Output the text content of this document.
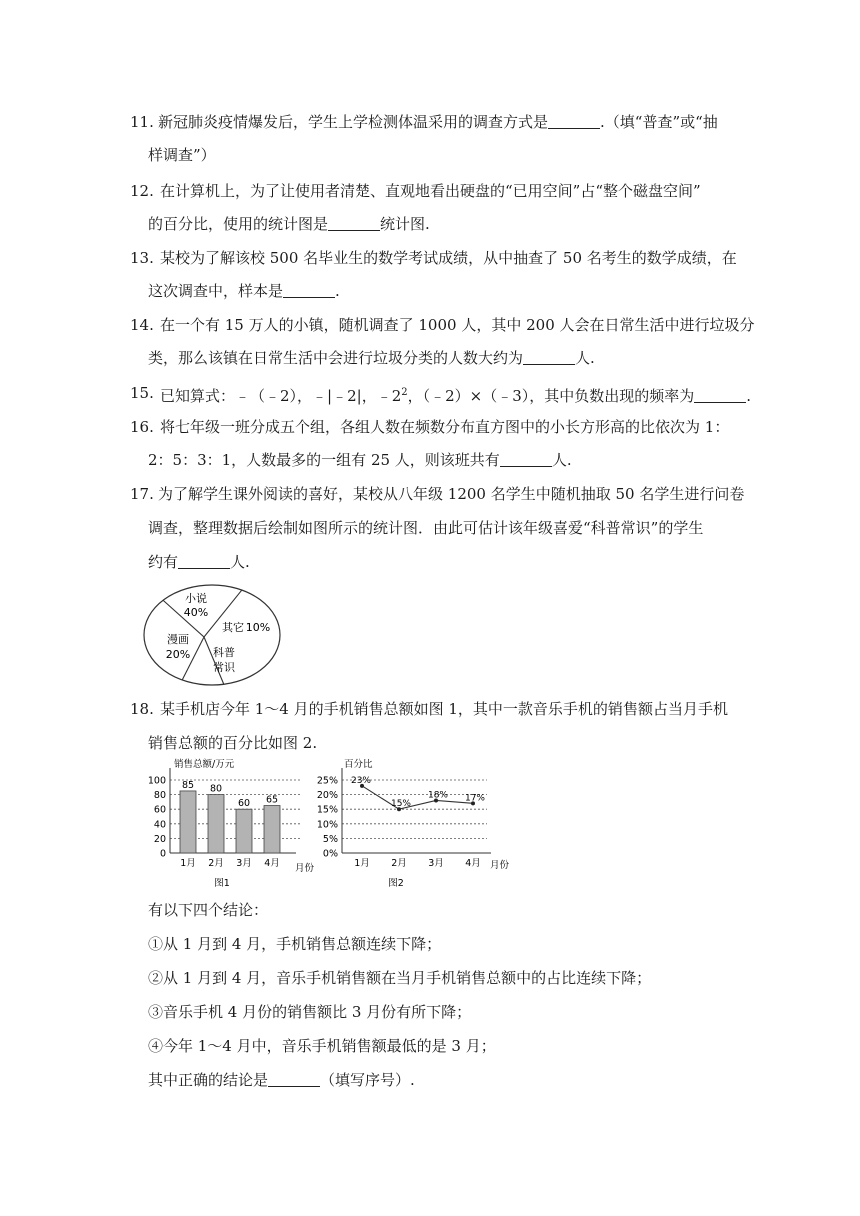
11. 新冠肺炎疫情爆发后，学生上学检测体温采用的调查方式是	.（填“普查”或“抽
样调查”）
12. 在计算机上，为了让使用者清楚、直观地看出硬盘的“已用空间”占“整个磁盘空间”
的百分比，使用的统计图是	统计图.
13. 某校为了解该校 500 名毕业生的数学考试成绩，从中抽查了 50 名考生的数学成绩，在
这次调查中，样本是	.
14. 在一个有 15 万人的小镇，随机调查了 1000 人，其中 200 人会在日常生活中进行垃圾分
类，那么该镇在日常生活中会进行垃圾分类的人数大约为	人.
15. 已知算式：﹣（﹣2），﹣|﹣2|，$﹣2^2$，（﹣2）×（﹣3），其中负数出现的频率为	.
16. 将七年级一班分成五个组，各组人数在频数分布直方图中的小长方形高的比依次为 1：
2：5：3：1，人数最多的一组有 25 人，则该班共有	人.
17. 为了解学生课外阅读的喜好，某校从八年级 1200 名学生中随机抽取 50 名学生进行问卷
调查，整理数据后绘制如图所示的统计图．由此可估计该年级喜爱“科普常识”的学生
约有	人.
小说
40%
其它 10%
科普
常识
漫画
20%
18. 某手机店今年 1～4 月的手机销售总额如图 1，其中一款音乐手机的销售额占当月手机
销售总额的百分比如图 2.
85 80
60 65
0
20
40
60
80
100
1月 2月 3月 4月
销售总额/万元
月份
图1
23%
15%
18% 17%
0%
5%
10%
15%
20%
25%
1月 2月 3月 4月
百分比
月份
图2
有以下四个结论：
①从 1 月到 4 月，手机销售总额连续下降；
②从 1 月到 4 月，音乐手机销售额在当月手机销售总额中的占比连续下降；
③音乐手机 4 月份的销售额比 3 月份有所下降；
④今年 1～4 月中，音乐手机销售额最低的是 3 月；
其中正确的结论是	（填写序号）.
